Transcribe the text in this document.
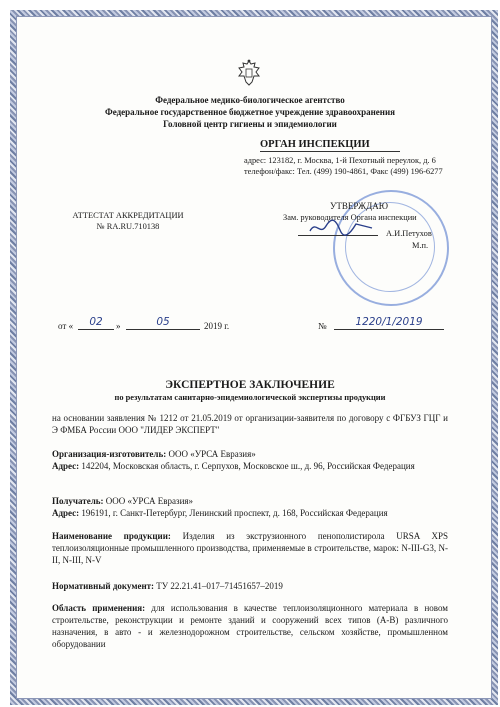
Федеральное медико-биологическое агентство
Федеральное государственное бюджетное учреждение здравоохранения
Головной центр гигиены и эпидемиологии
ОРГАН ИНСПЕКЦИИ
адрес: 123182, г. Москва, 1-й Пехотный переулок, д. 6
телефон/факс: Тел. (499) 190-4861, Факс (499) 196-6277
АТТЕСТАТ АККРЕДИТАЦИИ
№ RA.RU.710138
УТВЕРЖДАЮ
Зам. руководителя Органа инспекции
А.И.Петухов
М.п.
от «	02	»	05	2019 г.	№	1220/1/2019
ЭКСПЕРТНОЕ ЗАКЛЮЧЕНИЕ
по результатам санитарно-эпидемиологической экспертизы продукции
на основании заявления № 1212 от 21.05.2019 от организации-заявителя по договору с ФГБУЗ ГЦГ и Э ФМБА России ООО "ЛИДЕР ЭКСПЕРТ"
Организация-изготовитель: ООО «УРСА Евразия»
Адрес: 142204, Московская область, г. Серпухов, Московское ш., д. 96, Российская Федерация
Получатель: ООО «УРСА Евразия»
Адрес: 196191, г. Санкт-Петербург, Ленинский проспект, д. 168, Российская Федерация
Наименование продукции: Изделия из экструзионного пенополистирола URSA XPS теплоизоляционные промышленного производства, применяемые в строительстве, марок: N-III-G3, N-II, N-III, N-V
Нормативный документ: ТУ 22.21.41–017–71451657–2019
Область применения: для использования в качестве теплоизоляционного материала в новом строительстве, реконструкции и ремонте зданий и сооружений всех типов (А-В) различного назначения, в авто - и железнодорожном строительстве, сельском хозяйстве, промышленном оборудовании
